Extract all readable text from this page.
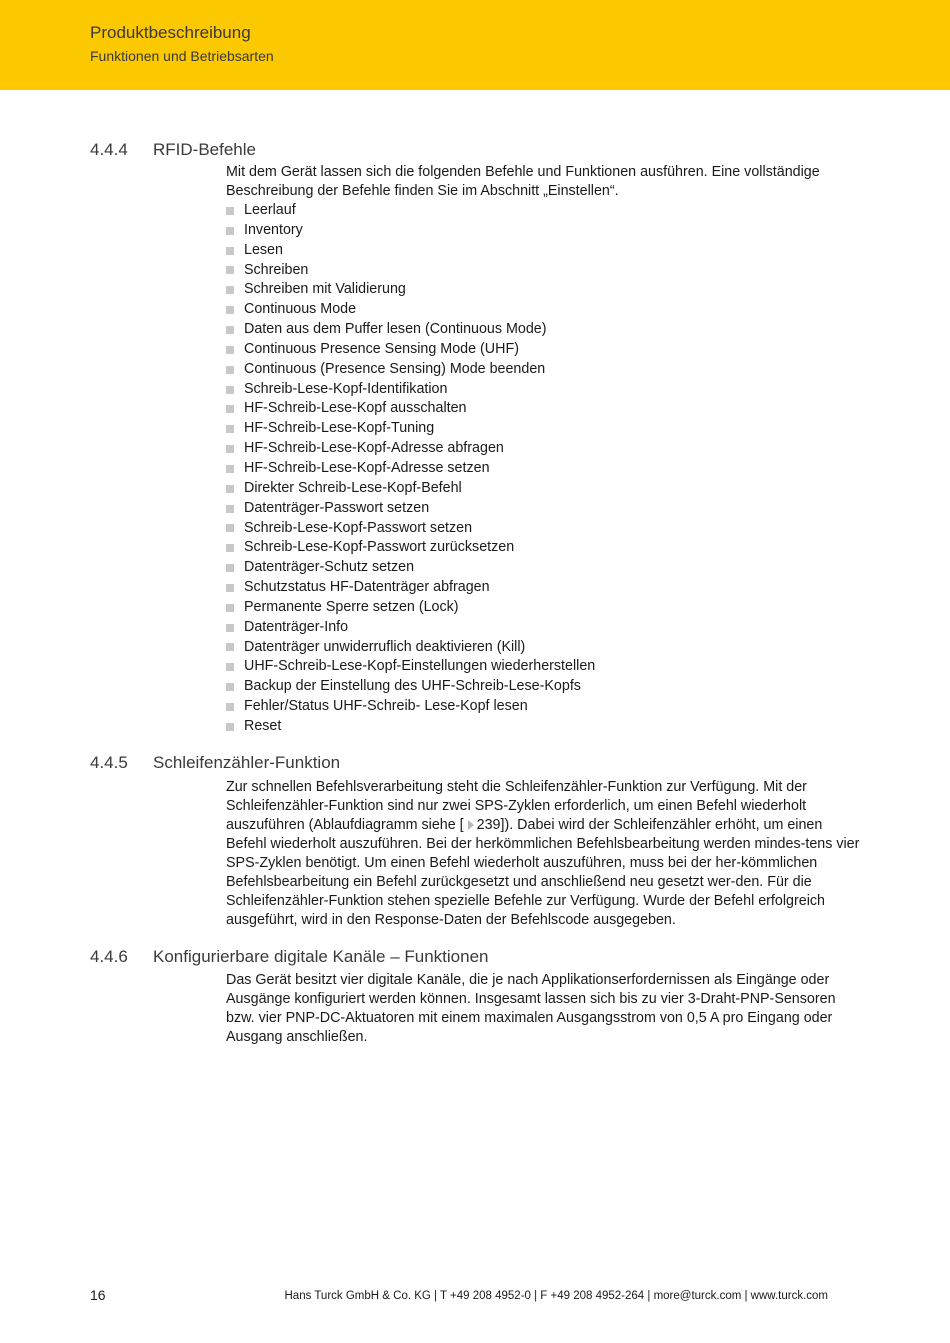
Produktbeschreibung
Funktionen und Betriebsarten
4.4.4 RFID-Befehle

Mit dem Gerät lassen sich die folgenden Befehle und Funktionen ausführen. Eine vollständige Beschreibung der Befehle finden Sie im Abschnitt „Einstellen“.

Leerlauf
Inventory
Lesen
Schreiben
Schreiben mit Validierung
Continuous Mode
Daten aus dem Puffer lesen (Continuous Mode)
Continuous Presence Sensing Mode (UHF)
Continuous (Presence Sensing) Mode beenden
Schreib-Lese-Kopf-Identifikation
HF-Schreib-Lese-Kopf ausschalten
HF-Schreib-Lese-Kopf-Tuning
HF-Schreib-Lese-Kopf-Adresse abfragen
HF-Schreib-Lese-Kopf-Adresse setzen
Direkter Schreib-Lese-Kopf-Befehl
Datenträger-Passwort setzen
Schreib-Lese-Kopf-Passwort setzen
Schreib-Lese-Kopf-Passwort zurücksetzen
Datenträger-Schutz setzen
Schutzstatus HF-Datenträger abfragen
Permanente Sperre setzen (Lock)
Datenträger-Info
Datenträger unwiderruflich deaktivieren (Kill)
UHF-Schreib-Lese-Kopf-Einstellungen wiederherstellen
Backup der Einstellung des UHF-Schreib-Lese-Kopfs
Fehler/Status UHF-Schreib- Lese-Kopf lesen
Reset
4.4.5 Schleifenzähler-Funktion

Zur schnellen Befehlsverarbeitung steht die Schleifenzähler-Funktion zur Verfügung. Mit der Schleifenzähler-Funktion sind nur zwei SPS-Zyklen erforderlich, um einen Befehl wiederholt auszuführen (Ablaufdiagramm siehe [ 239]). Dabei wird der Schleifenzähler erhöht, um einen Befehl wiederholt auszuführen. Bei der herkömmlichen Befehlsbearbeitung werden mindes-tens vier SPS-Zyklen benötigt. Um einen Befehl wiederholt auszuführen, muss bei der her-kömmlichen Befehlsbearbeitung ein Befehl zurückgesetzt und anschließend neu gesetzt wer-den. Für die Schleifenzähler-Funktion stehen spezielle Befehle zur Verfügung. Wurde der Befehl erfolgreich ausgeführt, wird in den Response-Daten der Befehlscode ausgegeben.

4.4.6 Konfigurierbare digitale Kanäle – Funktionen

Das Gerät besitzt vier digitale Kanäle, die je nach Applikationserfordernissen als Eingänge oder Ausgänge konfiguriert werden können. Insgesamt lassen sich bis zu vier 3-Draht-PNP-Sensoren bzw. vier PNP-DC-Aktuatoren mit einem maximalen Ausgangsstrom von 0,5 A pro Eingang oder Ausgang anschließen.

16	Hans Turck GmbH & Co. KG | T +49 208 4952-0 | F +49 208 4952-264 | more@turck.com | www.turck.com
